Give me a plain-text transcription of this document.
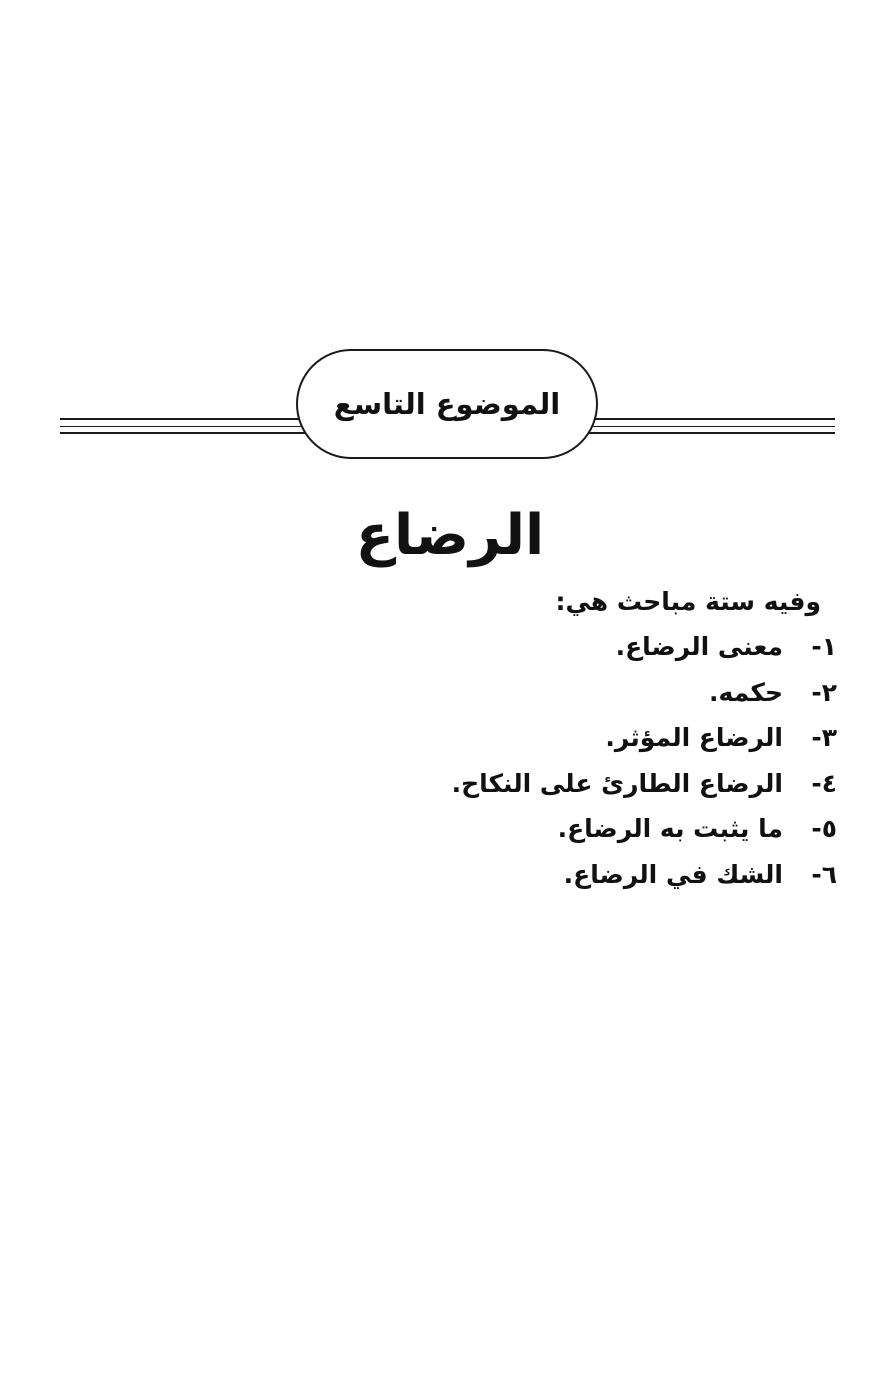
الموضوع التاسع
الرضاع
وفيه ستة مباحث هي:
١-
معنى الرضاع.
٢-
حكمه.
٣-
الرضاع المؤثر.
٤-
الرضاع الطارئ على النكاح.
٥-
ما يثبت به الرضاع.
٦-
الشك في الرضاع.
